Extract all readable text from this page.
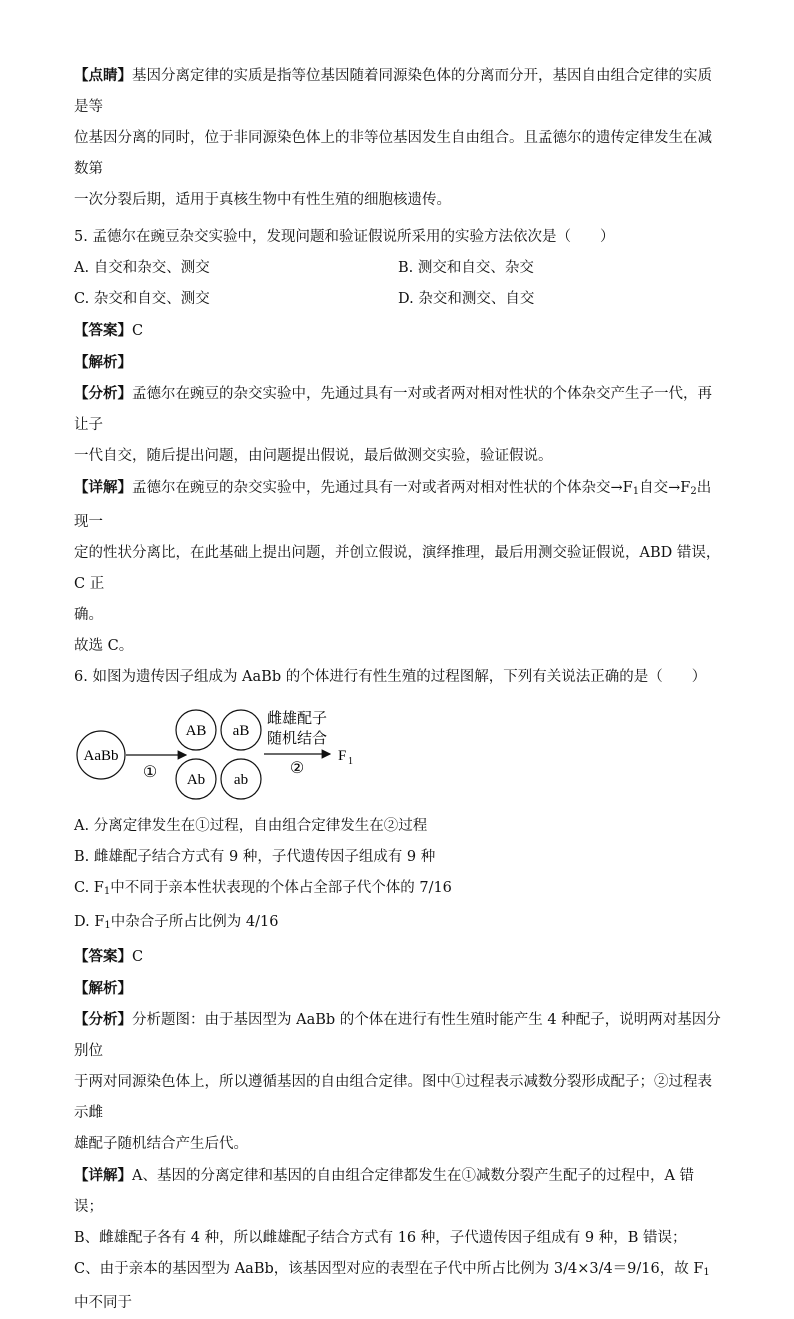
【点睛】基因分离定律的实质是指等位基因随着同源染色体的分离而分开，基因自由组合定律的实质是等

位基因分离的同时，位于非同源染色体上的非等位基因发生自由组合。且孟德尔的遗传定律发生在减数第

一次分裂后期，适用于真核生物中有性生殖的细胞核遗传。

5. 孟德尔在豌豆杂交实验中，发现问题和验证假说所采用的实验方法依次是（　　）

A. 自交和杂交、测交	B. 测交和自交、杂交
C. 杂交和自交、测交	D. 杂交和测交、自交

【答案】C

【解析】

【分析】孟德尔在豌豆的杂交实验中，先通过具有一对或者两对相对性状的个体杂交产生子一代，再让子

一代自交，随后提出问题，由问题提出假说，最后做测交实验，验证假说。

【详解】孟德尔在豌豆的杂交实验中，先通过具有一对或者两对相对性状的个体杂交$\to F_1$自交$\to F_2$出现一

定的性状分离比，在此基础上提出问题，并创立假说，演绎推理，最后用测交验证假说，ABD 错误，C 正

确。

故选 C。

6. 如图为遗传因子组成为 AaBb 的个体进行有性生殖的过程图解，下列有关说法正确的是（　　）

AaBb
①
AB aB
Ab ab
雌雄配子
随机结合
②
F 1

A. 分离定律发生在①过程，自由组合定律发生在②过程

B. 雌雄配子结合方式有 9 种，子代遗传因子组成有 9 种

C. $F_1$中不同于亲本性状表现的个体占全部子代个体的 7/16

D. $F_1$中杂合子所占比例为 4/16

【答案】C

【解析】

【分析】分析题图：由于基因型为 AaBb 的个体在进行有性生殖时能产生 4 种配子，说明两对基因分别位

于两对同源染色体上，所以遵循基因的自由组合定律。图中①过程表示减数分裂形成配子；②过程表示雌

雄配子随机结合产生后代。

【详解】A、基因的分离定律和基因的自由组合定律都发生在①减数分裂产生配子的过程中，A 错误；

B、雌雄配子各有 4 种，所以雌雄配子结合方式有 16 种，子代遗传因子组成有 9 种，B 错误；

C、由于亲本的基因型为 AaBb，该基因型对应的表型在子代中所占比例为 3/4×3/4＝9/16，故 $F_1$中不同于
